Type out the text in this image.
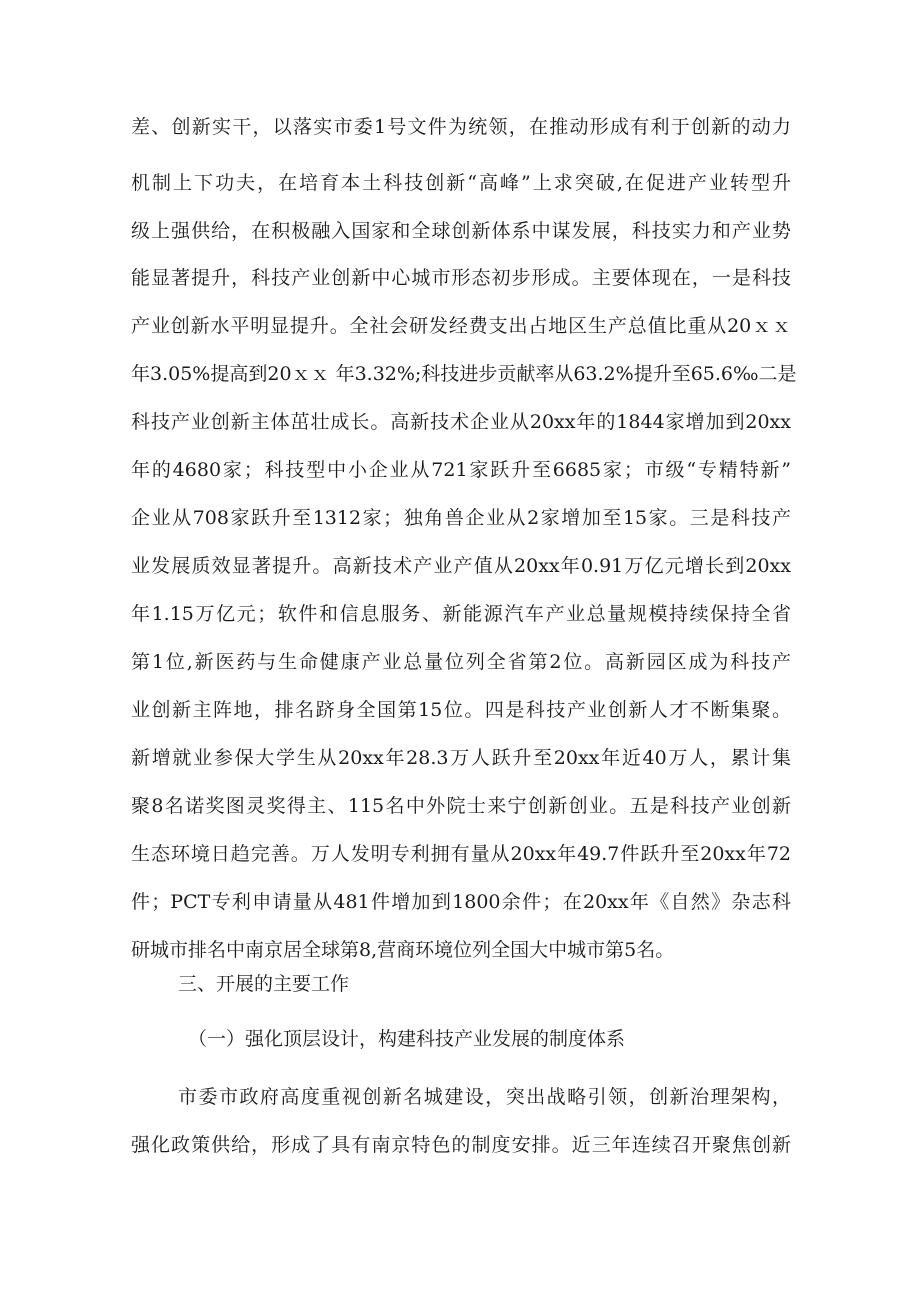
差、创新实干，以落实市委1号文件为统领，在推动形成有利于创新的动力
机制上下功夫，在培育本土科技创新“高峰”上求突破,在促进产业转型升
级上强供给，在积极融入国家和全球创新体系中谋发展，科技实力和产业势
能显著提升，科技产业创新中心城市形态初步形成。主要体现在，一是科技
产业创新水平明显提升。全社会研发经费支出占地区生产总值比重从20ｘｘ
年3.05%提高到20ｘｘ 年3.32%;科技进步贡献率从63.2%提升至65.6‰二是
科技产业创新主体茁壮成长。高新技术企业从20xx年的1844家增加到20xx
年的4680家；科技型中小企业从721家跃升至6685家；市级“专精特新”
企业从708家跃升至1312家；独角兽企业从2家增加至15家。三是科技产
业发展质效显著提升。高新技术产业产值从20xx年0.91万亿元增长到20xx
年1.15万亿元；软件和信息服务、新能源汽车产业总量规模持续保持全省
第1位,新医药与生命健康产业总量位列全省第2位。高新园区成为科技产
业创新主阵地，排名跻身全国第15位。四是科技产业创新人才不断集聚。
新增就业参保大学生从20xx年28.3万人跃升至20xx年近40万人，累计集
聚8名诺奖图灵奖得主、115名中外院士来宁创新创业。五是科技产业创新
生态环境日趋完善。万人发明专利拥有量从20xx年49.7件跃升至20xx年72
件；PCT专利申请量从481件增加到1800余件；在20xx年《自然》杂志科
研城市排名中南京居全球第8,营商环境位列全国大中城市第5名。
三、开展的主要工作
（一）强化顶层设计，构建科技产业发展的制度体系
市委市政府高度重视创新名城建设，突出战略引领，创新治理架构，
强化政策供给，形成了具有南京特色的制度安排。近三年连续召开聚焦创新
